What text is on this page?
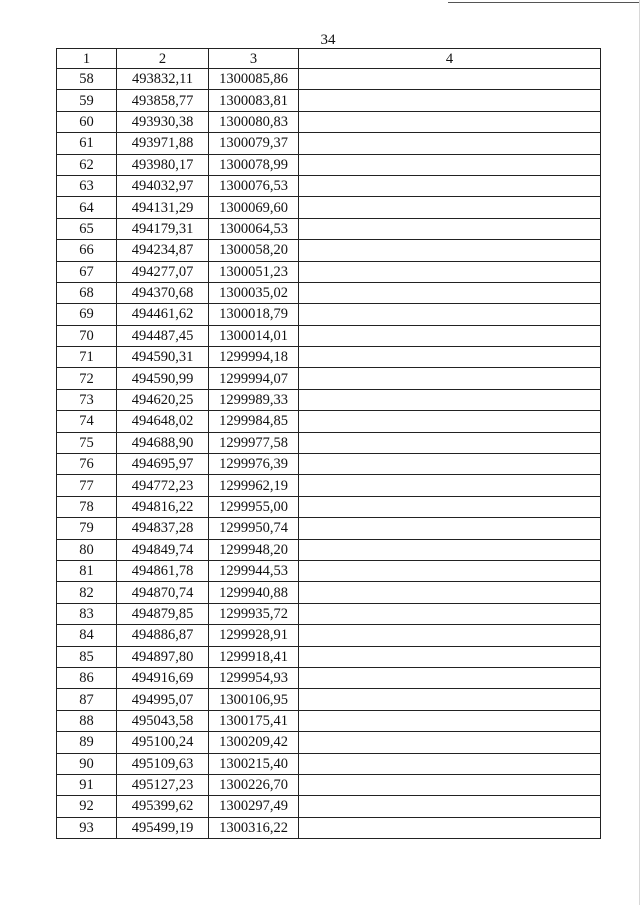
34
1	2	3	4
58	493832,11	1300085,86	
59	493858,77	1300083,81	
60	493930,38	1300080,83	
61	493971,88	1300079,37	
62	493980,17	1300078,99	
63	494032,97	1300076,53	
64	494131,29	1300069,60	
65	494179,31	1300064,53	
66	494234,87	1300058,20	
67	494277,07	1300051,23	
68	494370,68	1300035,02	
69	494461,62	1300018,79	
70	494487,45	1300014,01	
71	494590,31	1299994,18	
72	494590,99	1299994,07	
73	494620,25	1299989,33	
74	494648,02	1299984,85	
75	494688,90	1299977,58	
76	494695,97	1299976,39	
77	494772,23	1299962,19	
78	494816,22	1299955,00	
79	494837,28	1299950,74	
80	494849,74	1299948,20	
81	494861,78	1299944,53	
82	494870,74	1299940,88	
83	494879,85	1299935,72	
84	494886,87	1299928,91	
85	494897,80	1299918,41	
86	494916,69	1299954,93	
87	494995,07	1300106,95	
88	495043,58	1300175,41	
89	495100,24	1300209,42	
90	495109,63	1300215,40	
91	495127,23	1300226,70	
92	495399,62	1300297,49	
93	495499,19	1300316,22	
